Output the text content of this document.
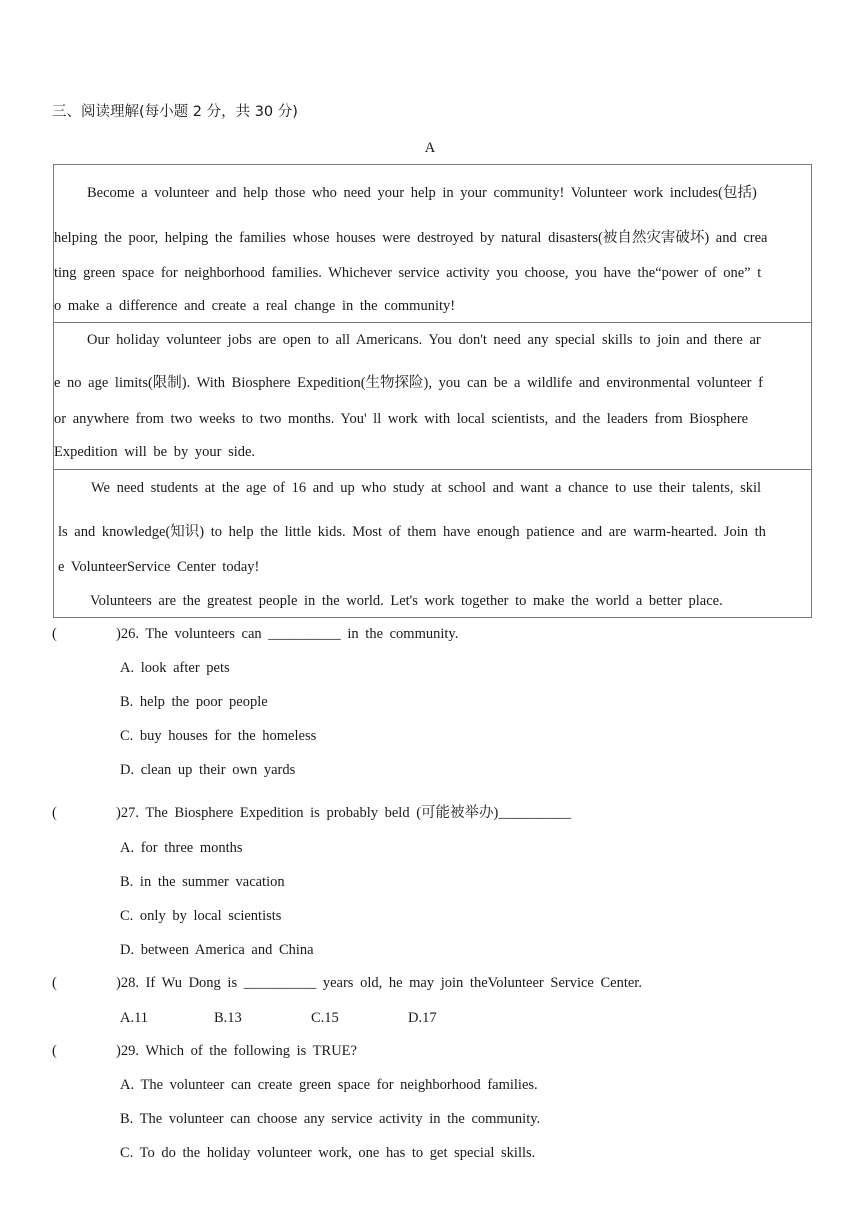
三、阅读理解(每小题 2 分，共 30 分)
A
Become a volunteer and help those who need your help in your community! Volunteer work includes(包括)
helping the poor, helping the families whose houses were destroyed by natural disasters(被自然灾害破坏) and crea
ting green space for neighborhood families. Whichever service activity you choose, you have the“power of one” t
o make a difference and create a real change in the community!
Our holiday volunteer jobs are open to all Americans. You don't need any special skills to join and there ar
e no age limits(限制). With Biosphere Expedition(生物探险), you can be a wildlife and environmental volunteer f
or anywhere from two weeks to two months. You' ll work with local scientists, and the leaders from Biosphere
Expedition will be by your side.
We need students at the age of 16 and up who study at school and want a chance to use their talents, skil
ls and knowledge(知识) to help the little kids. Most of them have enough patience and are warm-hearted. Join th
e VolunteerService Center today!
Volunteers are the greatest people in the world. Let's work together to make the world a better place.
(	)26. The volunteers can __________ in the community.
A. look after pets
B. help the poor people
C. buy houses for the homeless
D. clean up their own yards
(	)27. The Biosphere Expedition is probably beld (可能被举办)__________
A. for three months
B. in the summer vacation
C. only by local scientists
D. between America and China
(	)28. If Wu Dong is __________ years old, he may join theVolunteer Service Center.
A.11	B.13	C.15	D.17
(	)29. Which of the following is TRUE?
A. The volunteer can create green space for neighborhood families.
B. The volunteer can choose any service activity in the community.
C. To do the holiday volunteer work, one has to get special skills.
